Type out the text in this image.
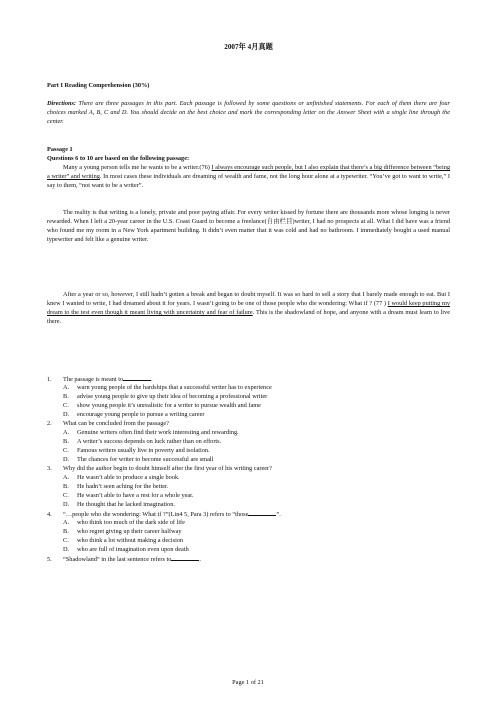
2007年 4月真题
Part I Reading Comprehension (30%)
Directions: There are three passages in this part. Each passage is followed by some questions or unfinished statements. For each of them there are four choices marked A, B, C and D. You should decide on the best choice and mark the corresponding letter on the Answer Sheet with a single line through the center.
Passage 1
Questions 6 to 10 are based on the following passage:
Many a young person tells me he wants to be a writer.(76) I always encourage such people, but I also explain that there’s a big difference between “being a writer” and writing. In most cases these individuals are dreaming of wealth and fame, not the long hour alone at a typewriter. “You’ve got to want to write,” I say to them, “not want to be a writer”.
The reality is that writing is a lonely, private and poor paying affair. For every writer kissed by fortune there are thousands more whose longing is never rewarded. When I left a 20-year career in the U.S. Coast Guard to become a freelance(自由栏目)writer, I had no prospects at all. What I did have was a friend who found me my room in a New York apartment building. It didn’t even matter that it was cold and had no bathroom. I immediately bought a used manual typewriter and felt like a genuine writer.
After a year or so, however, I still hadn’t gotten a break and began to doubt myself. It was so hard to sell a story that I barely made enough to eat. But I knew I wanted to write, I had dreamed about it for years. I wasn’t going to be one of those people who die wondering: What if ? (77 ) I would keep putting my dream to the test even though it meant living with uncertainty and fear of failure. This is the shadowland of hope, and anyone with a dream must learn to live there.
1. The passage is meant to	.
A. warn young people of the hardships that a successful writer has to experience
B. advise young people to give up their idea of becoming a professional writer
C. show young people it’s unrealistic for a writer to pursue wealth and fame
D. encourage young people to pursue a writing career
2. What can be concluded from the passage?
A. Genuine writers often find their work interesting and rewarding.
B. A writer’s success depends on luck rather than on efforts.
C. Famous writers usually live in poverty and isolation.
D. The chances for writer to become successful are small
3. Why did the author begin to doubt himself after the first year of his writing career?
A. He wasn’t able to produce a single book.
B. He hadn’t seen aching for the better.
C. He wasn’t able to have a rest for a whole year.
D. He thought that he lacked imagination.
4. “…people who die wondering: What if ?”(Lin4 5, Para 3) refers to “those	”.
A. who think too much of the dark side of life
B. who regret giving up their career halfway
C. who think a lot without making a decision
D. who are full of imagination even upon death
5. “Shadowland” in the last sentence refers to	.
Page 1 of 21
